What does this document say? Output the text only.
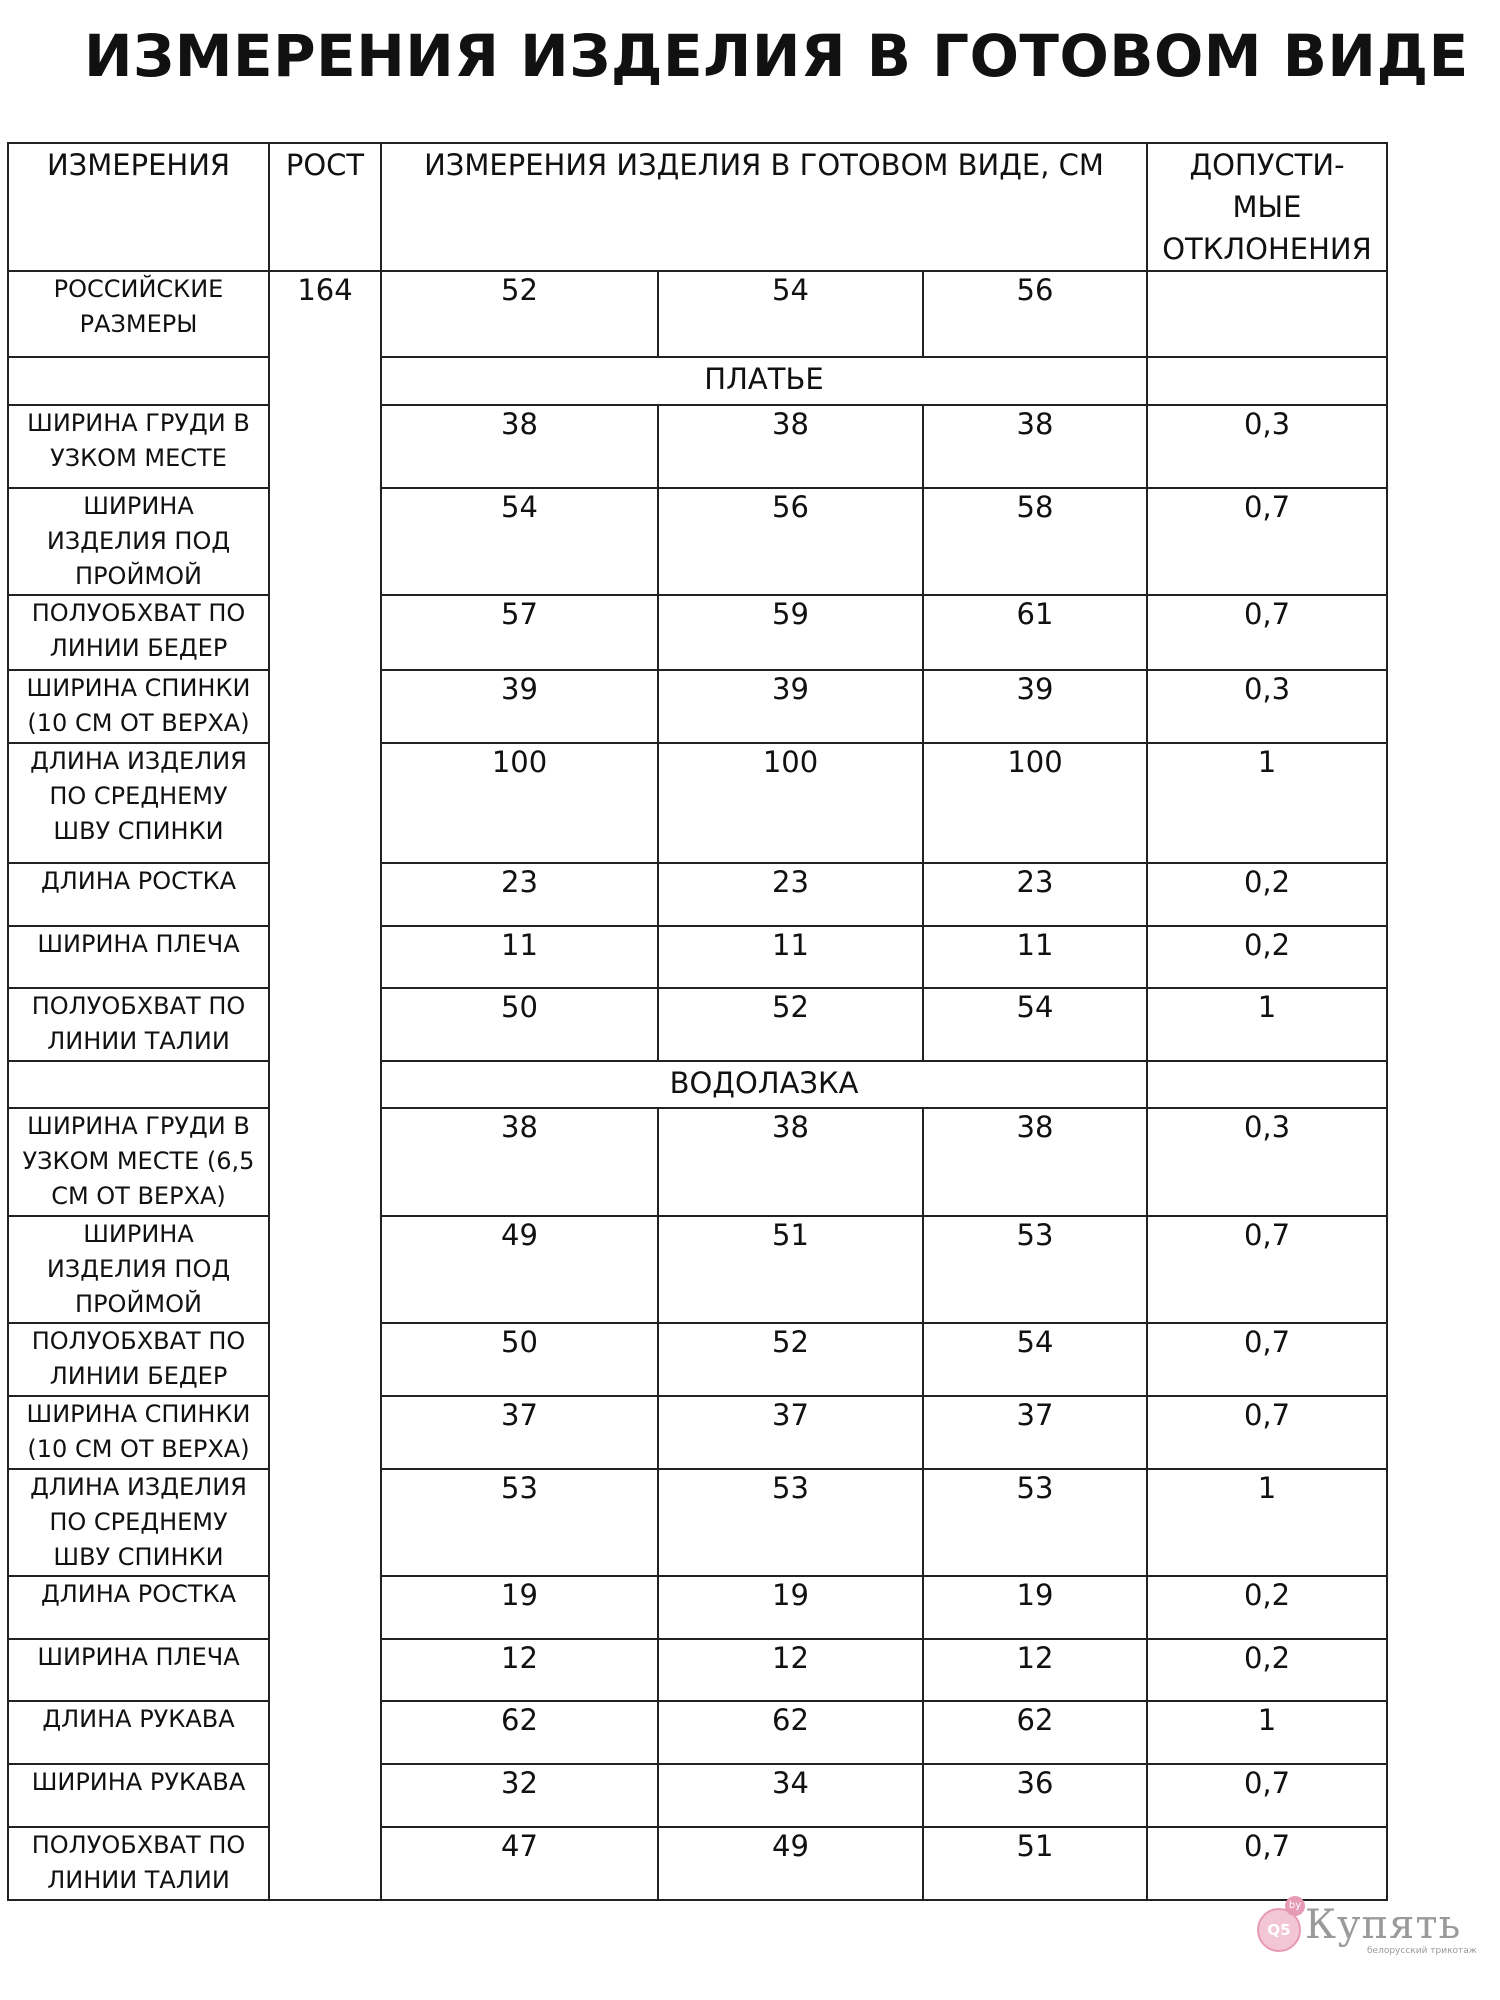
ИЗМЕРЕНИЯ ИЗДЕЛИЯ В ГОТОВОМ ВИДЕ
ИЗМЕРЕНИЯ	РОСТ	ИЗМЕРЕНИЯ ИЗДЕЛИЯ В ГОТОВОМ ВИДЕ, СМ			ДОПУСТИ-
МЫЕ
ОТКЛОНЕНИЯ
РОССИЙСКИЕ
РАЗМЕРЫ	164	52	54	56	
		ПЛАТЬЕ			
ШИРИНА ГРУДИ В
УЗКОМ МЕСТЕ		38	38	38	0,3
ШИРИНА
ИЗДЕЛИЯ ПОД
ПРОЙМОЙ		54	56	58	0,7
ПОЛУОБХВАТ ПО
ЛИНИИ БЕДЕР		57	59	61	0,7
ШИРИНА СПИНКИ
(10 СМ ОТ ВЕРХА)		39	39	39	0,3
ДЛИНА ИЗДЕЛИЯ
ПО СРЕДНЕМУ
ШВУ СПИНКИ		100	100	100	1
ДЛИНА РОСТКА		23	23	23	0,2
ШИРИНА ПЛЕЧА		11	11	11	0,2
ПОЛУОБХВАТ ПО
ЛИНИИ ТАЛИИ		50	52	54	1
		ВОДОЛАЗКА			
ШИРИНА ГРУДИ В
УЗКОМ МЕСТЕ (6,5
СМ ОТ ВЕРХА)		38	38	38	0,3
ШИРИНА
ИЗДЕЛИЯ ПОД
ПРОЙМОЙ		49	51	53	0,7
ПОЛУОБХВАТ ПО
ЛИНИИ БЕДЕР		50	52	54	0,7
ШИРИНА СПИНКИ
(10 СМ ОТ ВЕРХА)		37	37	37	0,7
ДЛИНА ИЗДЕЛИЯ
ПО СРЕДНЕМУ
ШВУ СПИНКИ		53	53	53	1
ДЛИНА РОСТКА		19	19	19	0,2
ШИРИНА ПЛЕЧА		12	12	12	0,2
ДЛИНА РУКАВА		62	62	62	1
ШИРИНА РУКАВА		32	34	36	0,7
ПОЛУОБХВАТ ПО
ЛИНИИ ТАЛИИ		47	49	51	0,7
Q5
by Купять
белорусский трикотаж
